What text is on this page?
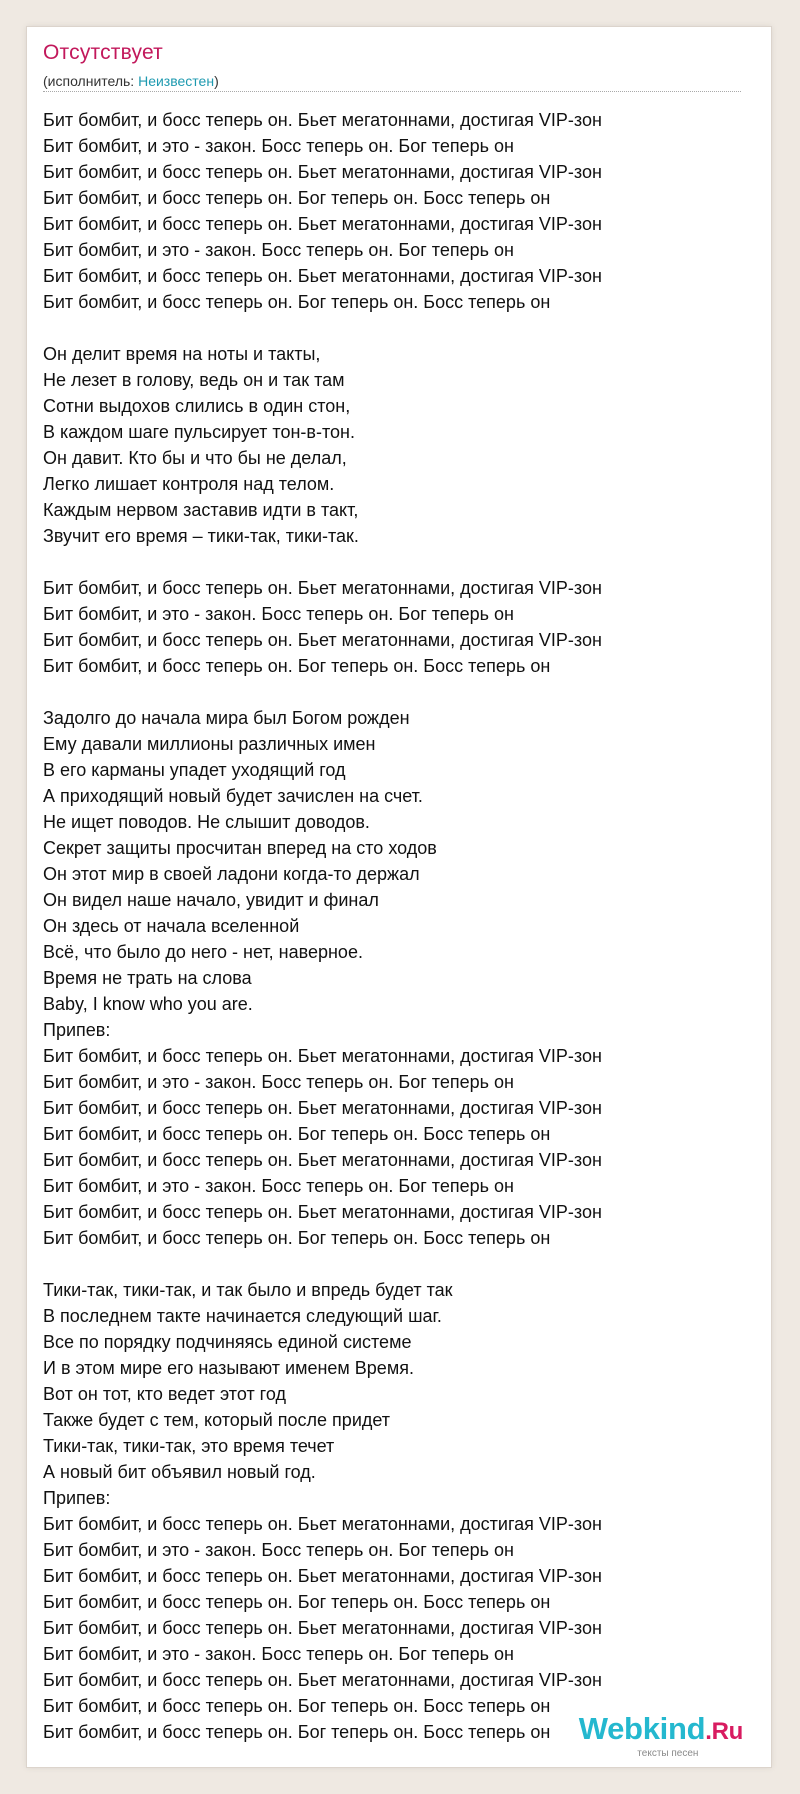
Отсутствует
(исполнитель: Неизвестен)
Бит бомбит, и босс теперь он. Бьет мегатоннами, достигая VIP-зон
Бит бомбит, и это - закон. Босс теперь он. Бог теперь он
Бит бомбит, и босс теперь он. Бьет мегатоннами, достигая VIP-зон
Бит бомбит, и босс теперь он. Бог теперь он. Босс теперь он
Бит бомбит, и босс теперь он. Бьет мегатоннами, достигая VIP-зон
Бит бомбит, и это - закон. Босс теперь он. Бог теперь он
Бит бомбит, и босс теперь он. Бьет мегатоннами, достигая VIP-зон
Бит бомбит, и босс теперь он. Бог теперь он. Босс теперь он
Он делит время на ноты и такты,
Не лезет в голову, ведь он и так там
Сотни выдохов слились в один стон,
В каждом шаге пульсирует тон-в-тон.
Он давит. Кто бы и что бы не делал,
Легко лишает контроля над телом.
Каждым нервом заставив идти в такт,
Звучит его время – тики-так, тики-так.
Бит бомбит, и босс теперь он. Бьет мегатоннами, достигая VIP-зон
Бит бомбит, и это - закон. Босс теперь он. Бог теперь он
Бит бомбит, и босс теперь он. Бьет мегатоннами, достигая VIP-зон
Бит бомбит, и босс теперь он. Бог теперь он. Босс теперь он
Задолго до начала мира был Богом рожден
Ему давали миллионы различных имен
В его карманы упадет уходящий год
А приходящий новый будет зачислен на счет.
Не ищет поводов. Не слышит доводов.
Секрет защиты просчитан вперед на сто ходов
Он этот мир в своей ладони когда-то держал
Он видел наше начало, увидит и финал
Он здесь от начала вселенной
Всё, что было до него - нет, наверное.
Время не трать на слова
Baby, I know who you are.
Припев:
Бит бомбит, и босс теперь он. Бьет мегатоннами, достигая VIP-зон
Бит бомбит, и это - закон. Босс теперь он. Бог теперь он
Бит бомбит, и босс теперь он. Бьет мегатоннами, достигая VIP-зон
Бит бомбит, и босс теперь он. Бог теперь он. Босс теперь он
Бит бомбит, и босс теперь он. Бьет мегатоннами, достигая VIP-зон
Бит бомбит, и это - закон. Босс теперь он. Бог теперь он
Бит бомбит, и босс теперь он. Бьет мегатоннами, достигая VIP-зон
Бит бомбит, и босс теперь он. Бог теперь он. Босс теперь он
Тики-так, тики-так, и так было и впредь будет так
В последнем такте начинается следующий шаг.
Все по порядку подчиняясь единой системе
И в этом мире его называют именем Время.
Вот он тот, кто ведет этот год
Также будет с тем, который после придет
Тики-так, тики-так, это время течет
А новый бит объявил новый год.
Припев:
Бит бомбит, и босс теперь он. Бьет мегатоннами, достигая VIP-зон
Бит бомбит, и это - закон. Босс теперь он. Бог теперь он
Бит бомбит, и босс теперь он. Бьет мегатоннами, достигая VIP-зон
Бит бомбит, и босс теперь он. Бог теперь он. Босс теперь он
Бит бомбит, и босс теперь он. Бьет мегатоннами, достигая VIP-зон
Бит бомбит, и это - закон. Босс теперь он. Бог теперь он
Бит бомбит, и босс теперь он. Бьет мегатоннами, достигая VIP-зон
Бит бомбит, и босс теперь он. Бог теперь он. Босс теперь он
Бит бомбит, и босс теперь он. Бог теперь он. Босс теперь он Webkind.Ru
тексты песен
